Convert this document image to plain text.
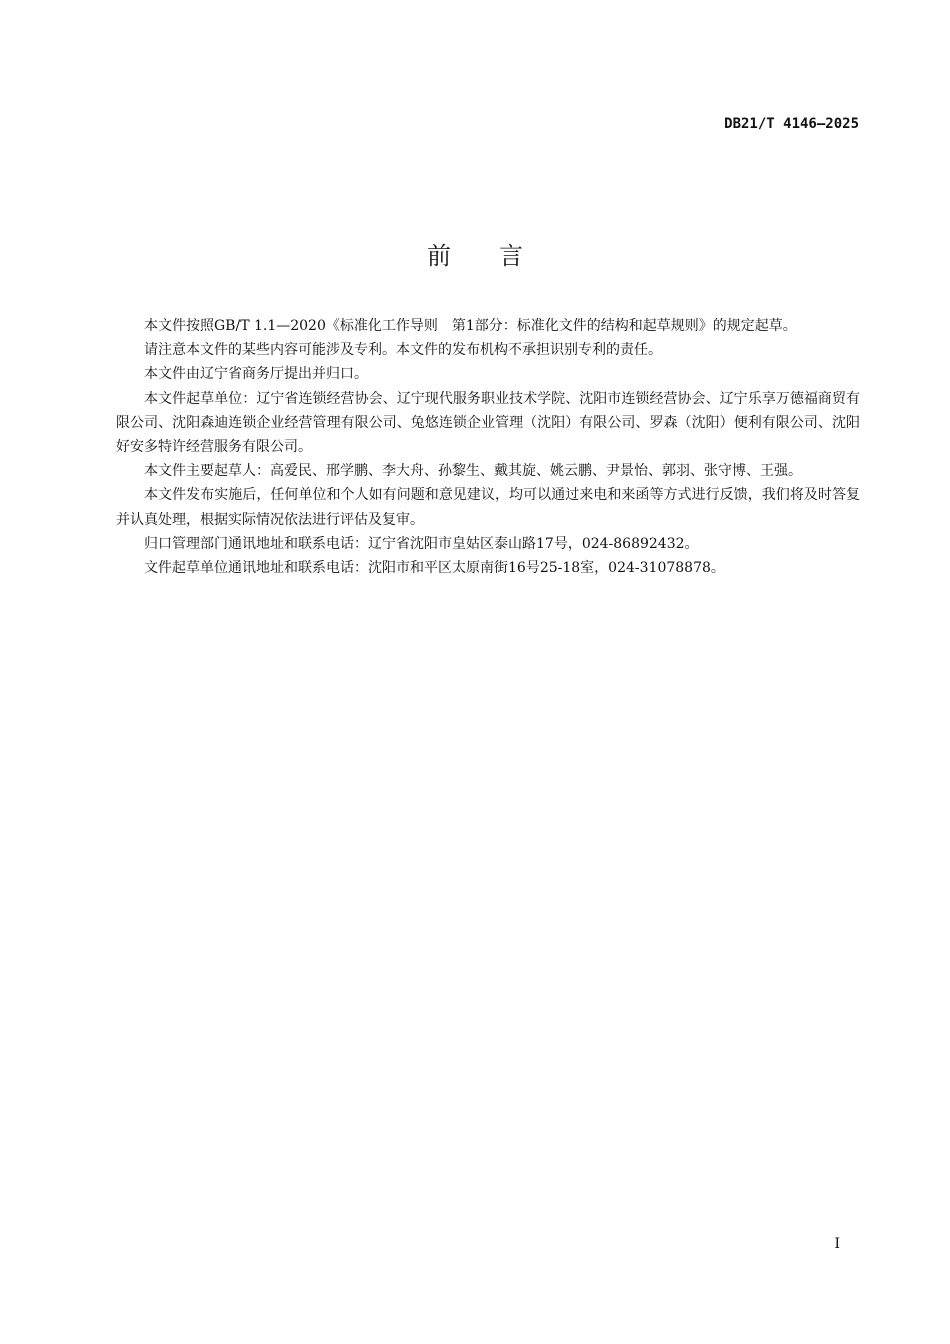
DB21/T 4146—2025
前言

本文件按照GB/T 1.1—2020《标准化工作导则　第1部分：标准化文件的结构和起草规则》的规定起草。

请注意本文件的某些内容可能涉及专利。本文件的发布机构不承担识别专利的责任。

本文件由辽宁省商务厅提出并归口。

本文件起草单位：辽宁省连锁经营协会、辽宁现代服务职业技术学院、沈阳市连锁经营协会、辽宁乐享万德福商贸有限公司、沈阳森迪连锁企业经营管理有限公司、兔悠连锁企业管理（沈阳）有限公司、罗森（沈阳）便利有限公司、沈阳好安多特许经营服务有限公司。

本文件主要起草人：高爱民、邢学鹏、李大舟、孙黎生、戴其旋、姚云鹏、尹景怡、郭羽、张守博、王强。

本文件发布实施后，任何单位和个人如有问题和意见建议，均可以通过来电和来函等方式进行反馈，我们将及时答复并认真处理，根据实际情况依法进行评估及复审。

归口管理部门通讯地址和联系电话：辽宁省沈阳市皇姑区泰山路17号，024-86892432。

文件起草单位通讯地址和联系电话：沈阳市和平区太原南街16号25-18室，024-31078878。

I
